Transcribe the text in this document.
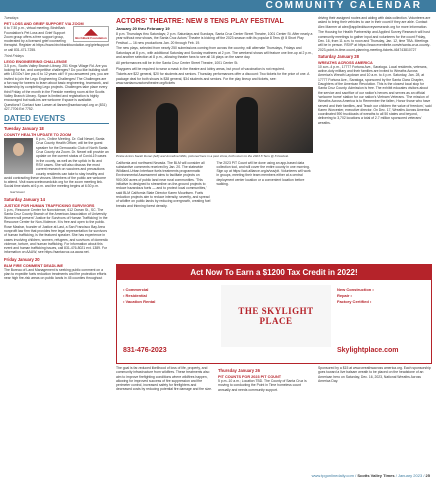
COMMUNITY CALENDAR
Tuesdays
PET LOSS AND GRIEF SUPPORT VIA ZOOM
BirchBark Foundation
6 to 7:30 p.m., virtual meeting. BirchBark Foundation's Pet Loss and Grief Support Zoom group offers a free support group, moderated by a licensed grief counseling therapist. Register at https://www.birchbarkfoundation.org/griefsupport or call 831-471-7255.
Third Fridays
LEGO ENGINEERING CHALLENGE
3-5 p.m., Scotts Valley Branch Library, 251 Kings Village Rd. Are you looking for fun, and competitive challenges? Do you like building stuff with LEGOs? Are you 6 to 12 years old? If you answered yes, you are invited to join the Lego Engineering Challenges! The Challenges are a fun way for tweens to learn about basic engineering, teamwork, and leadership by completing Lego projects. Challenges take place every third Friday of the month in the Fireside meeting room at the Scotts Valley Branch Library. Space is limited and registration is highly encouraged but walk-ins are welcome if space is available. Questions? Contact Ivan Larsen at llarsen@santacruzpl.org or (831) 427-7706 Ext 7752.
DATED EVENTS
Tuesday January 18
COUNTY HEALTH UPDATE TO ZOOM
6 p.m., Online Meeting. Dr. Gail Newel, Santa Cruz County Health Officer, will be the guest speaker for the Democratic Club of North Santa Cruz County via Zoom. Dr. Newel will provide an update on the current status of Covid-19 cases in the county, as well as the uptick in flu and RSV cases. She will also discuss the most current research on vaccines and precautions county residents can take to stay healthy and avoid contracting these viruses. Members of the public are welcome to attend. Visit www.sveleonardclub.org for the zoom meeting link. Social time starts at 6 p.m. and the meeting begins at 6:30 p.m.
Gail Newel
Saturday January 14
JUSTICE FOR HUMAN TRAFFICKING SURVIVORS
1 p.m., Resource Center for Nonviolence, 612 Ocean St., SC. The Santa Cruz County Branch of the American Association of University Women will present 'Justice for Survivors of Human Trafficking' in the Resource Center for Non-Violence. It is free and open to the public. Rose Mashar, founder of Justice at Last, a San Francisco Bay Area nonprofit law firm that provides free legal representation for survivors of human trafficking, is the featured speaker. She has experience in cases involving children, women, refugees, and survivors of domestic violence, torture, and human trafficking. For information about this event and human trafficking issues, call 831-476-8021 ext. 1389. For information on AAUW, see https://santacruz-ca.aauw.net.
Friday January 20
BLM FIRE COMMENT DEADLINE
The Bureau of Land Management is seeking public comment on a plan to expedite fuels reduction treatments and fire protection efforts near high fire-risk areas on public lands in 45 counties throughout
ACTORS' THEATRE: NEW 8 TENS PLAY FESTIVAL
January 20 thru February 19
8 p.m. Thursdays thru Saturdays; 2 p.m. Saturdays and Sundays, Santa Cruz Center Street Theatre, 1001 Center St. After nearly a year without new shows, the Santa Cruz Actors' Theatre is kicking off the 2023 season with its popular 8 Tens @ 8 Short Play Festival — 16 new productions Jan. 20 through Feb. 19.
The new plays, selected from nearly 250 submissions coming from across the country, will alternate Thursdays, Fridays and Saturdays at 8 p.m., with additional Saturday and Sunday matinees at 2 p.m. The weekend shows will feature one line-up at 2 p.m., and another selection at 8 p.m., allowing theater fans to see all 16 plays on the same day.
All performances will be in the Santa Cruz Center Street Theatre, 1001 Center St.
Playgoers will be required to wear a mask in the theatre and lobby areas, but proof of vaccination is not required.
Tickets are $22 general, $20 for students and seniors. Thursday performances offer a discount: Two tickets for the price of one. A package deal for both shows is $38 general, $34 students and seniors. For the play lineup and tickets, see: www.santacruzactorstheatre.org/tickets
Pinkie Actors Sarah Duran (left) and Arondina Willis, pictured here in a past show, both return to the 2023 8 Tens @ 8 Festival.
California and northwest Nevada. The BLM will consider all substantive comments received by Jan. 20. The statewide Wildland-Urban Interface fuels treatments programmatic Environmental Assessment aims to facilitate projects on 900,000 acres of public land near rural communities. 'This initiative is designed to streamline on-the-ground projects to reduce hazardous fuels — and to protect local communities,' said BLM California State Director Karen Mouritsen. Fuels reduction projects aim to reduce intensity, severity, and spread of wildfire on public lands by reducing overgrowth, creating fuel breaks and thinning forest density.
The 2023 PIT Count will be done using an app-based data collection tool, and will cover the entire county in one morning. Sign up at https://act.alliance.org/a/vss/pit. Volunteers will work in groups, meeting their team members either at a central deployment center location or a convenient location before walking.
driving their assigned routes and aiding with data collection. Volunteers are asked to bring their vehicles to use in their count if they are able. Contact Alex Marmer at alex@applieddsurveysresearch.org for more information.
The Housing for Health Partnership and Applied Survey Research will host community meetings to gather input and volunteers for the count Friday, Dec. 16, from 11 a.m. to noon and Thursday, Jan. 12, time TBA. Meetings will be in person. RSVP at https://www.eventbrite.com/e/santa-cruz-county-2023-point-in-time-count-planning-meeting-tickets-464743810727
Saturday January 28
WREATHS ACROSS AMERICA
10 a.m.-4 p.m., 17777 Fortuna Ave., Saratoga. Local residents, veterans, active-duty military and their families are invited to Wreaths Across America's Wreath Laydown and 10 a.m. to 4 p.m. Saturday, Jan. 28, at 17777 Fortuna Ave., Saratoga, sponsored by the Santa Clara Chapter, Daughters of the American Revolution. This is the closest local stop for Santa Cruz County. Admission is free. The exhibit educates visitors about the service and sacrifice of our nation's heroes and serves as an official 'welcome home' station for our nation's Vietnam Veterans. 'The mission of Wreaths Across America is to Remember the fallen, Honor those who have served and their families, and Teach our children the value of freedom,' said Karen Worcester, executive director. On Dec. 17, Wreaths Across America coordinated 590 truckloads of wreaths to all 50 states and beyond, delivering to 3,702 locations a total of 2.7 million sponsored veterans' wreaths.
Act Now To Earn a $1200 Tax Credit in 2022!
• Commercial
• Residential
• Vacation Rental
831-476-2023
THE SKYLIGHT PLACE
New Construction •
Repair •
Factory Certified •
Skylightplace.com
The goal is far-reduced likelihood of loss of life, property, and community infrastructure from wildfires. These treatments also aim to improve firefighting conditions where wildfires happen, allowing for improved success of fire suppression and fire perimeter control, increased safety for firefighters and decreased costs by reducing potential fire damage and fire size.
Thursday January 26
PIT COUNTS FOR 2023 PIT COUNT
5 p.m.-10 a.m.; Location TBD. The County of Santa Cruz is moving to conducting the Point in Time homeless count annually and needs community support.
Sponsored by a $15 at www.wreathsacross america.org. Each sponsorship goes toward a live balsam wreath to be placed on the headstone of an American hero on Saturday, Dec. 16, 2023, National Wreaths Across America Day.
www.tpgonlinedaily.com / Scotts Valley Times / January 2023 / 25
